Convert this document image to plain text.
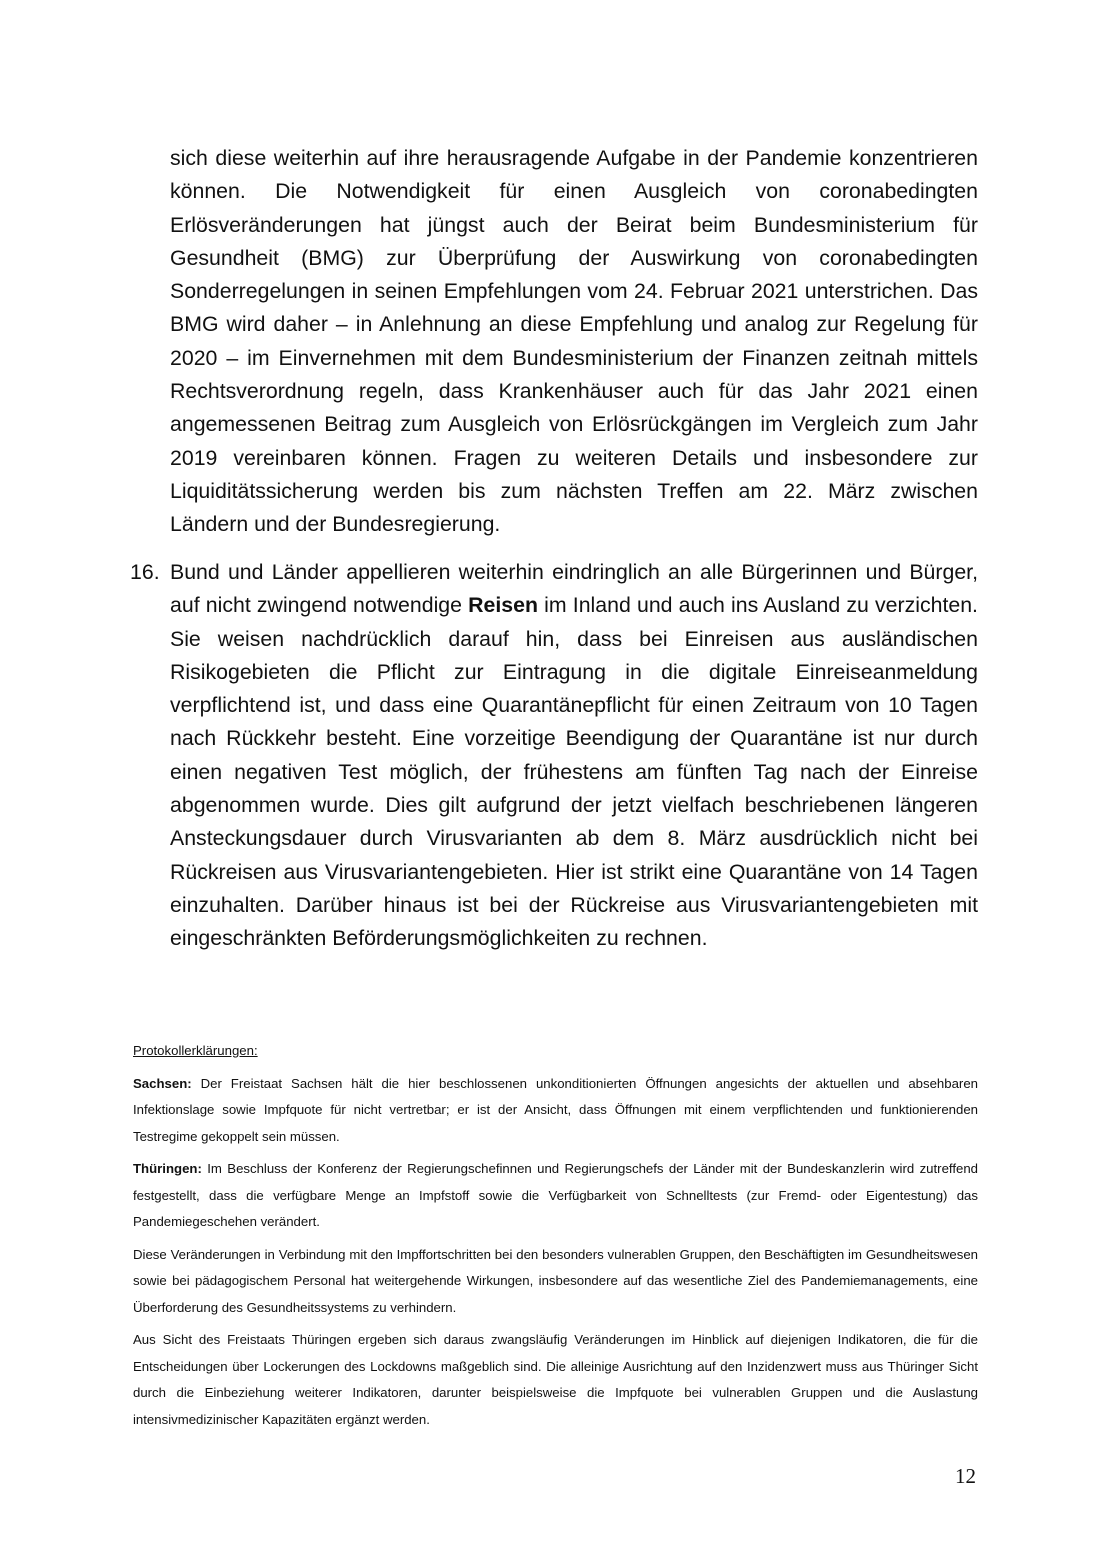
sich diese weiterhin auf ihre herausragende Aufgabe in der Pandemie konzentrieren können. Die Notwendigkeit für einen Ausgleich von coronabedingten Erlösveränderungen hat jüngst auch der Beirat beim Bundesministerium für Gesundheit (BMG) zur Überprüfung der Auswirkung von coronabedingten Sonderregelungen in seinen Empfehlungen vom 24. Februar 2021 unterstrichen. Das BMG wird daher – in Anlehnung an diese Empfehlung und analog zur Regelung für 2020 – im Einvernehmen mit dem Bundesministerium der Finanzen zeitnah mittels Rechtsverordnung regeln, dass Krankenhäuser auch für das Jahr 2021 einen angemessenen Beitrag zum Ausgleich von Erlösrückgängen im Vergleich zum Jahr 2019 vereinbaren können. Fragen zu weiteren Details und insbesondere zur Liquiditätssicherung werden bis zum nächsten Treffen am 22. März zwischen Ländern und der Bundesregierung.

16. Bund und Länder appellieren weiterhin eindringlich an alle Bürgerinnen und Bürger, auf nicht zwingend notwendige Reisen im Inland und auch ins Ausland zu verzichten. Sie weisen nachdrücklich darauf hin, dass bei Einreisen aus ausländischen Risikogebieten die Pflicht zur Eintragung in die digitale Einreiseanmeldung verpflichtend ist, und dass eine Quarantänepflicht für einen Zeitraum von 10 Tagen nach Rückkehr besteht. Eine vorzeitige Beendigung der Quarantäne ist nur durch einen negativen Test möglich, der frühestens am fünften Tag nach der Einreise abgenommen wurde. Dies gilt aufgrund der jetzt vielfach beschriebenen längeren Ansteckungsdauer durch Virusvarianten ab dem 8. März ausdrücklich nicht bei Rückreisen aus Virusvariantengebieten. Hier ist strikt eine Quarantäne von 14 Tagen einzuhalten. Darüber hinaus ist bei der Rückreise aus Virusvariantengebieten mit eingeschränkten Beförderungsmöglichkeiten zu rechnen.

Protokollerklärungen:

Sachsen: Der Freistaat Sachsen hält die hier beschlossenen unkonditionierten Öffnungen angesichts der aktuellen und absehbaren Infektionslage sowie Impfquote für nicht vertretbar; er ist der Ansicht, dass Öffnungen mit einem verpflichtenden und funktionierenden Testregime gekoppelt sein müssen.

Thüringen: Im Beschluss der Konferenz der Regierungschefinnen und Regierungschefs der Länder mit der Bundeskanzlerin wird zutreffend festgestellt, dass die verfügbare Menge an Impfstoff sowie die Verfügbarkeit von Schnelltests (zur Fremd- oder Eigentestung) das Pandemiegeschehen verändert.

Diese Veränderungen in Verbindung mit den Impffortschritten bei den besonders vulnerablen Gruppen, den Beschäftigten im Gesundheitswesen sowie bei pädagogischem Personal hat weitergehende Wirkungen, insbesondere auf das wesentliche Ziel des Pandemiemanagements, eine Überforderung des Gesundheitssystems zu verhindern.

Aus Sicht des Freistaats Thüringen ergeben sich daraus zwangsläufig Veränderungen im Hinblick auf diejenigen Indikatoren, die für die Entscheidungen über Lockerungen des Lockdowns maßgeblich sind. Die alleinige Ausrichtung auf den Inzidenzwert muss aus Thüringer Sicht durch die Einbeziehung weiterer Indikatoren, darunter beispielsweise die Impfquote bei vulnerablen Gruppen und die Auslastung intensivmedizinischer Kapazitäten ergänzt werden.

12
